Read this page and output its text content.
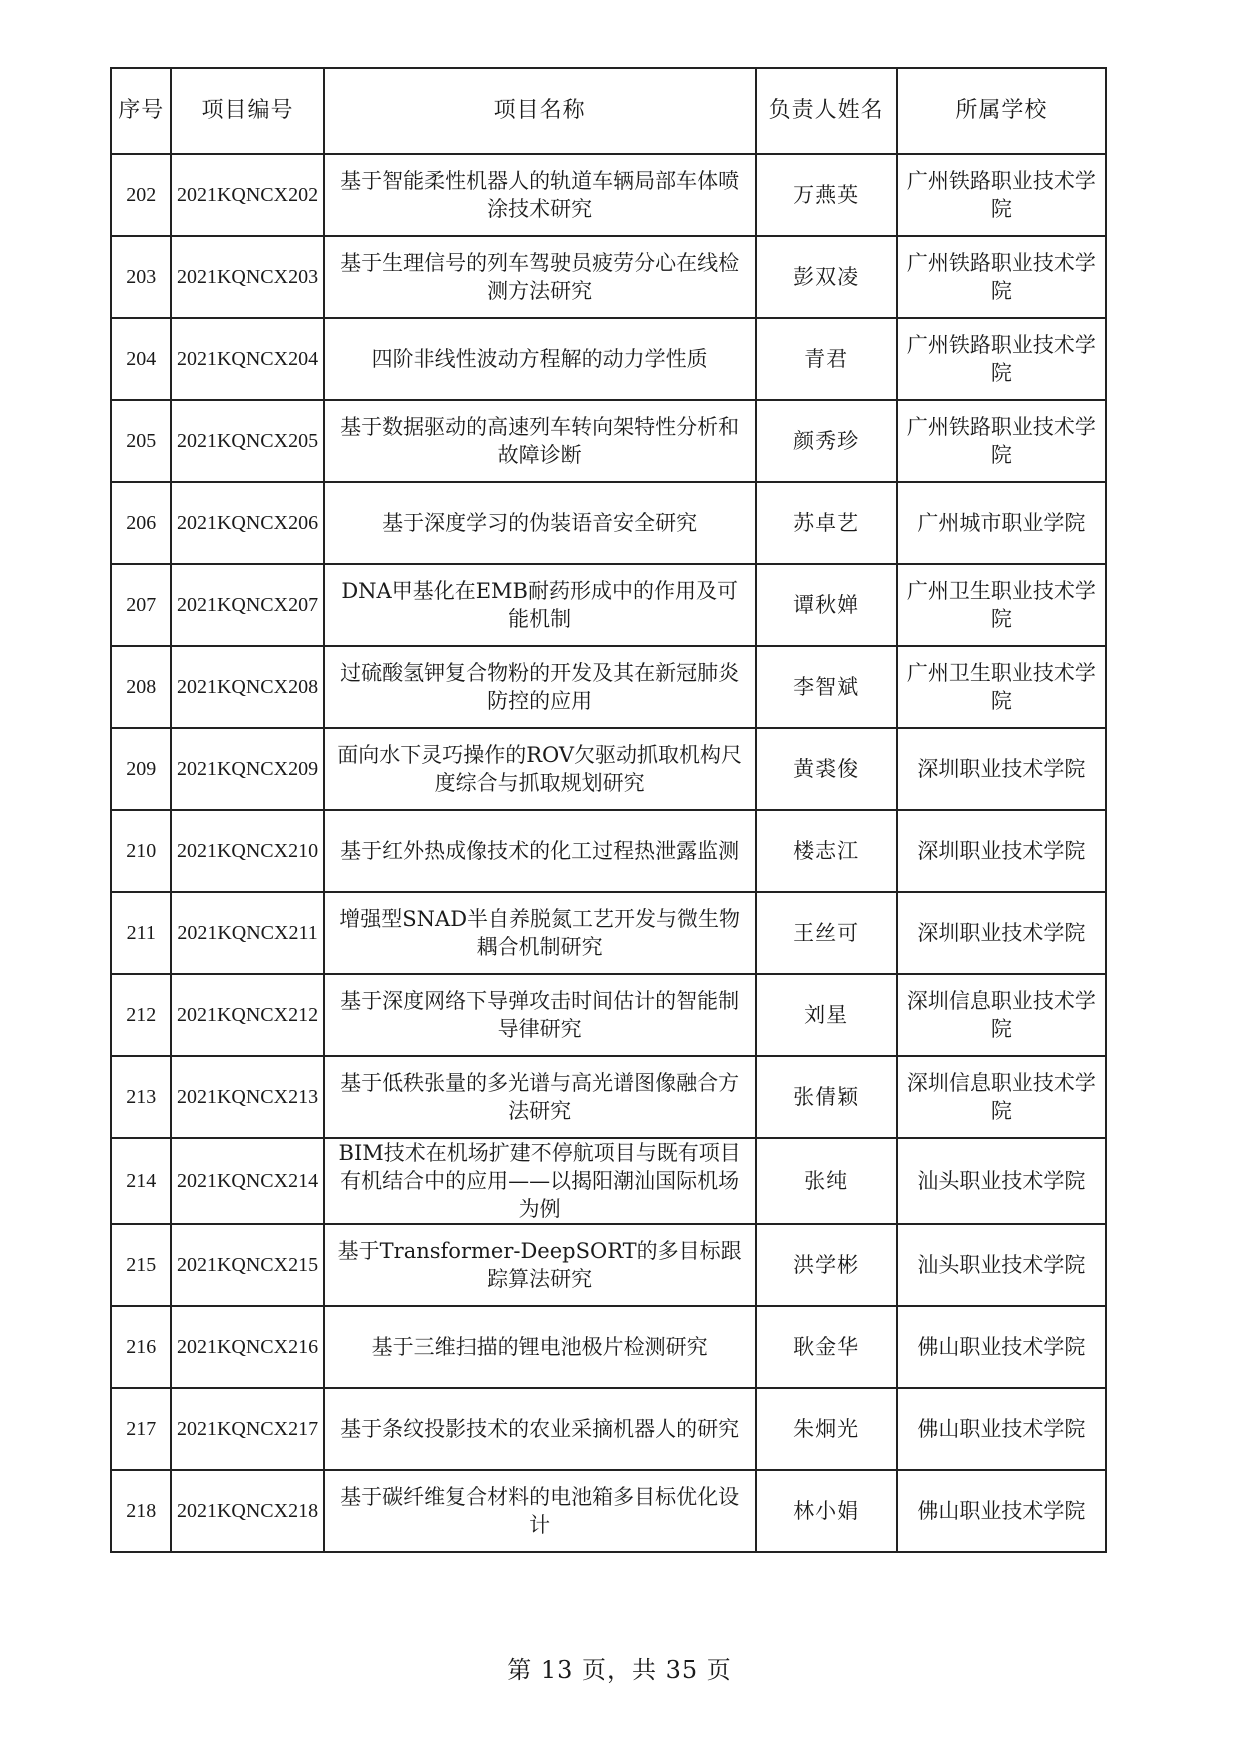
序号	项目编号	项目名称	负责人姓名	所属学校
202	2021KQNCX202	基于智能柔性机器人的轨道车辆局部车体喷涂技术研究	万燕英	广州铁路职业技术学院
203	2021KQNCX203	基于生理信号的列车驾驶员疲劳分心在线检测方法研究	彭双凌	广州铁路职业技术学院
204	2021KQNCX204	四阶非线性波动方程解的动力学性质	青君	广州铁路职业技术学院
205	2021KQNCX205	基于数据驱动的高速列车转向架特性分析和故障诊断	颜秀珍	广州铁路职业技术学院
206	2021KQNCX206	基于深度学习的伪装语音安全研究	苏卓艺	广州城市职业学院
207	2021KQNCX207	DNA甲基化在EMB耐药形成中的作用及可能机制	谭秋婵	广州卫生职业技术学院
208	2021KQNCX208	过硫酸氢钾复合物粉的开发及其在新冠肺炎防控的应用	李智斌	广州卫生职业技术学院
209	2021KQNCX209	面向水下灵巧操作的ROV欠驱动抓取机构尺度综合与抓取规划研究	黄裘俊	深圳职业技术学院
210	2021KQNCX210	基于红外热成像技术的化工过程热泄露监测	楼志江	深圳职业技术学院
211	2021KQNCX211	增强型SNAD半自养脱氮工艺开发与微生物耦合机制研究	王丝可	深圳职业技术学院
212	2021KQNCX212	基于深度网络下导弹攻击时间估计的智能制导律研究	刘星	深圳信息职业技术学院
213	2021KQNCX213	基于低秩张量的多光谱与高光谱图像融合方法研究	张倩颖	深圳信息职业技术学院
214	2021KQNCX214	BIM技术在机场扩建不停航项目与既有项目有机结合中的应用——以揭阳潮汕国际机场为例	张纯	汕头职业技术学院
215	2021KQNCX215	基于Transformer-DeepSORT的多目标跟踪算法研究	洪学彬	汕头职业技术学院
216	2021KQNCX216	基于三维扫描的锂电池极片检测研究	耿金华	佛山职业技术学院
217	2021KQNCX217	基于条纹投影技术的农业采摘机器人的研究	朱炯光	佛山职业技术学院
218	2021KQNCX218	基于碳纤维复合材料的电池箱多目标优化设计	林小娟	佛山职业技术学院
第 13 页，共 35 页
